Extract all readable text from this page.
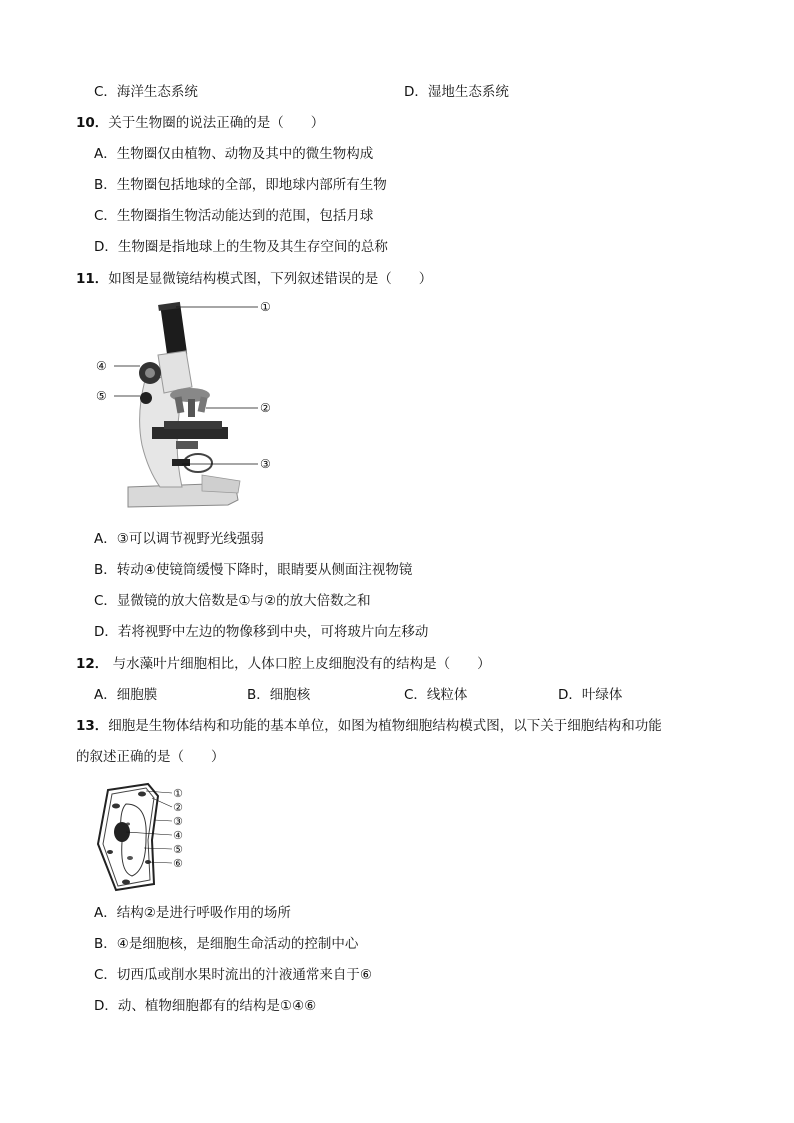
C．海洋生态系统	D．湿地生态系统
10．关于生物圈的说法正确的是（　　）
A．生物圈仅由植物、动物及其中的微生物构成
B．生物圈包括地球的全部，即地球内部所有生物
C．生物圈指生物活动能达到的范围，包括月球
D．生物圈是指地球上的生物及其生存空间的总称
11．如图是显微镜结构模式图，下列叙述错误的是（　　）
①
②
③
④
⑤
A．③可以调节视野光线强弱
B．转动④使镜筒缓慢下降时，眼睛要从侧面注视物镜
C．显微镜的放大倍数是①与②的放大倍数之和
D．若将视野中左边的物像移到中央，可将玻片向左移动
12． 与水藻叶片细胞相比，人体口腔上皮细胞没有的结构是（　　）
A．细胞膜	B．细胞核	C．线粒体	D．叶绿体
13．细胞是生物体结构和功能的基本单位，如图为植物细胞结构模式图，以下关于细胞结构和功能
的叙述正确的是（　　）
①
②
③
④
⑤
⑥
A．结构②是进行呼吸作用的场所
B．④是细胞核，是细胞生命活动的控制中心
C．切西瓜或削水果时流出的汁液通常来自于⑥
D．动、植物细胞都有的结构是①④⑥
